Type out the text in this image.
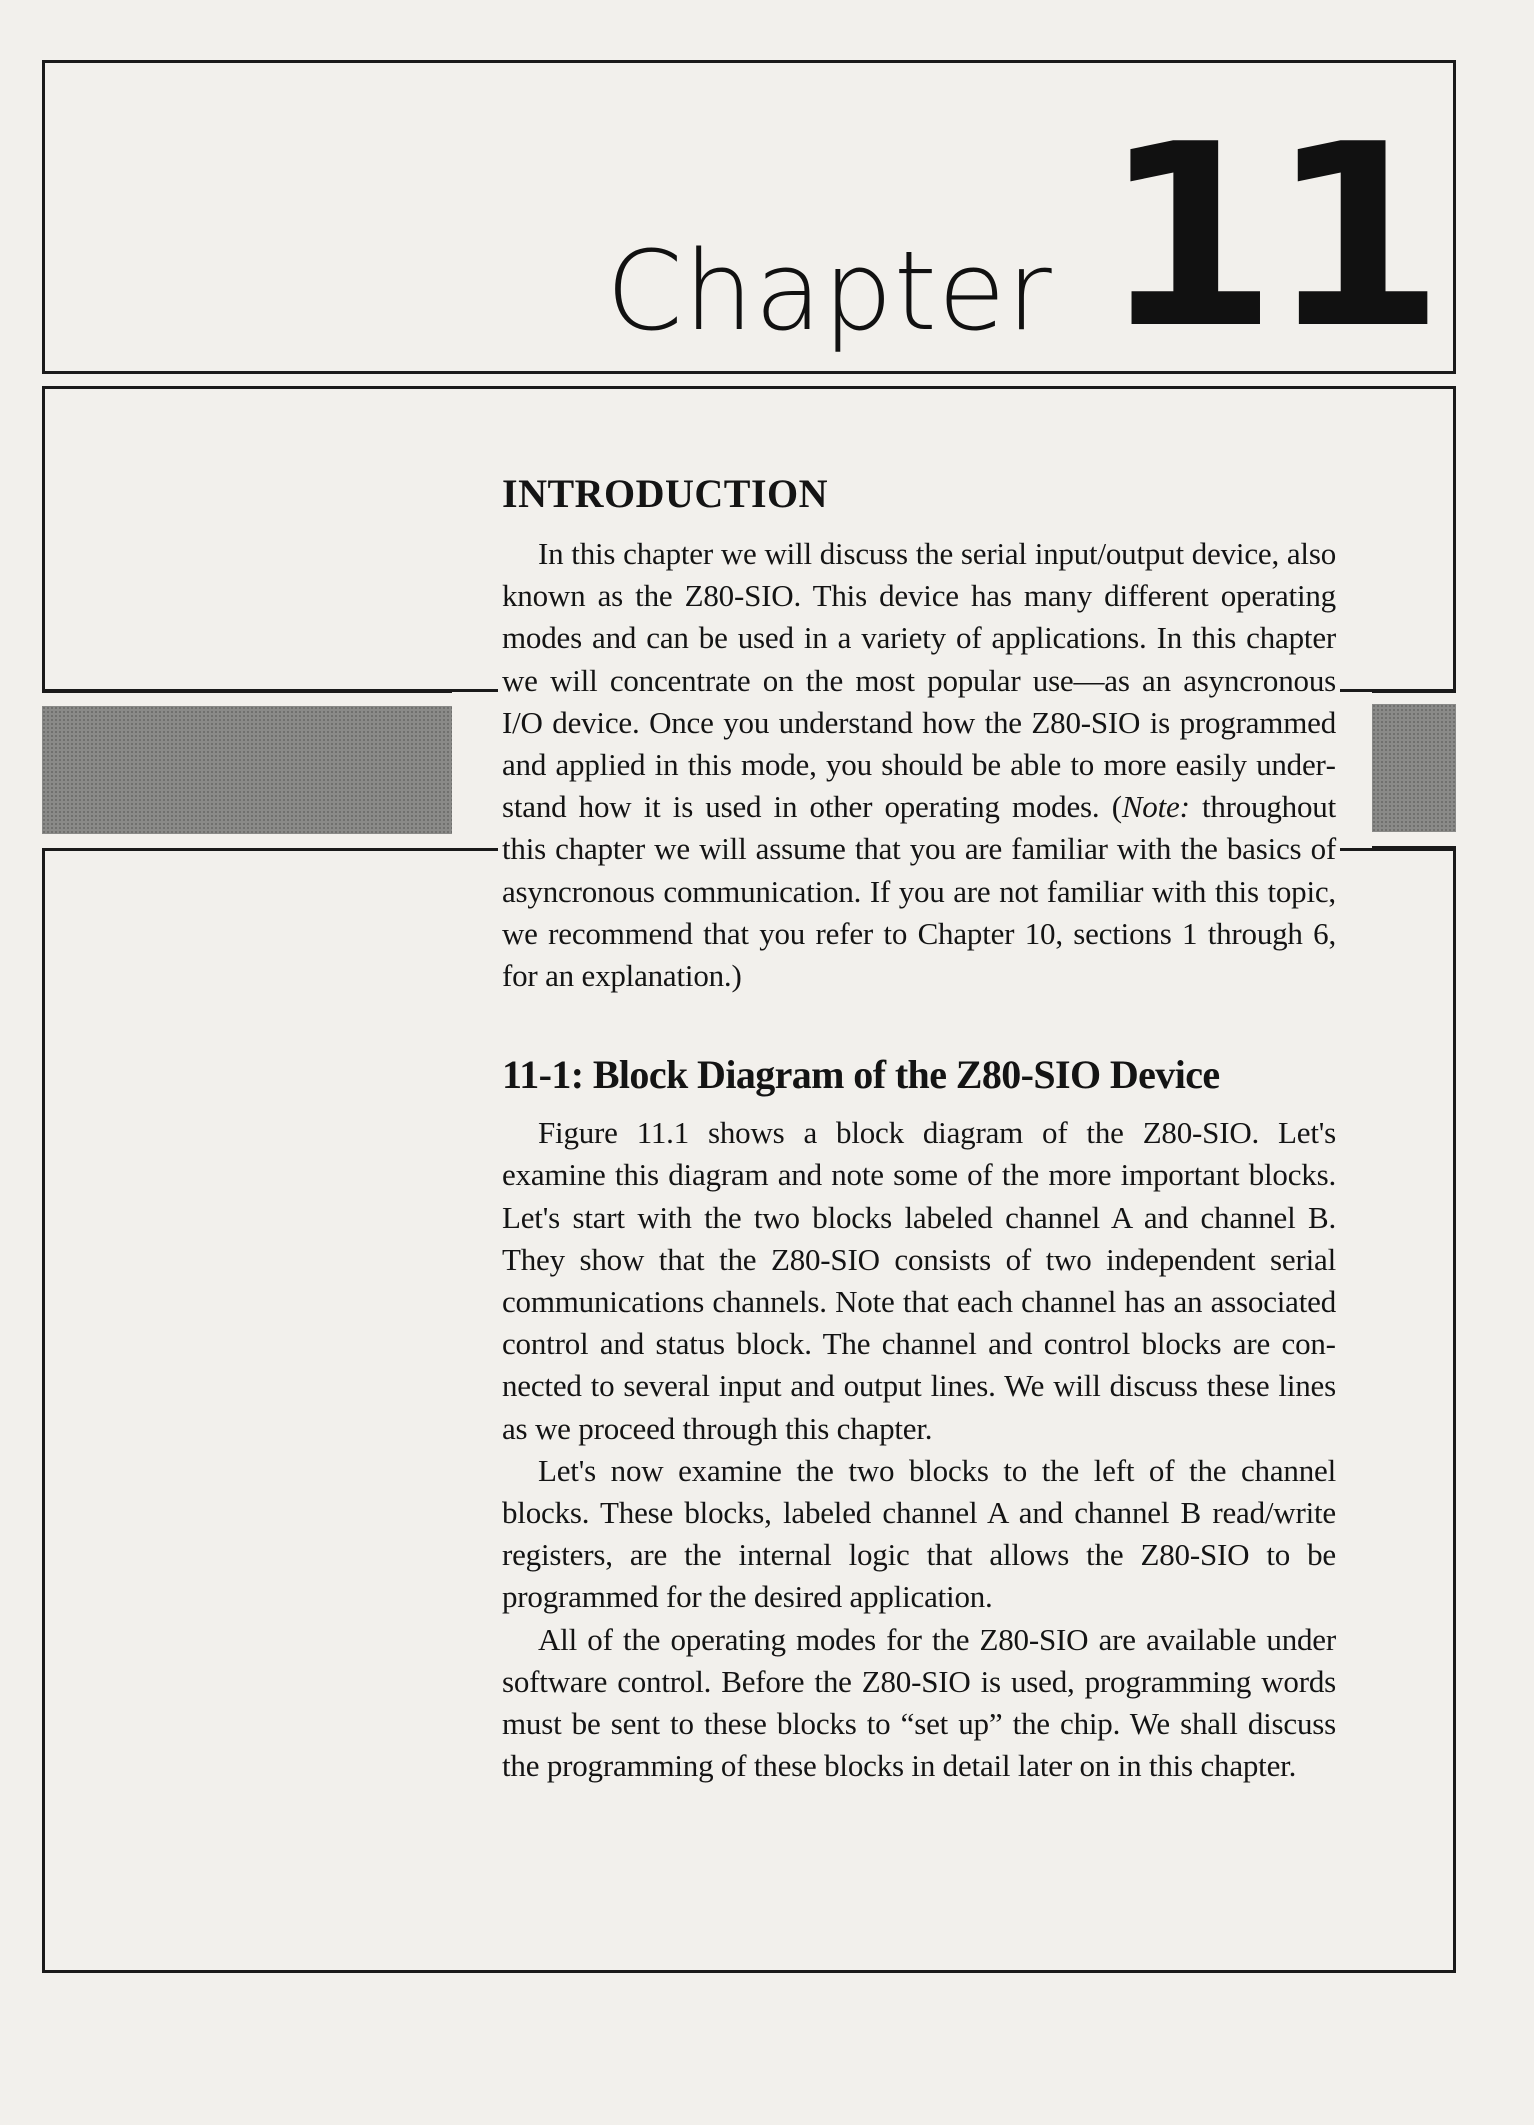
Chapter 11
INTRODUCTION

In this chapter we will discuss the serial input/output device, also known as the Z80-SIO. This device has many different operating modes and can be used in a variety of applications. In this chapter we will concentrate on the most popular use—as an asyncronous I/O device. Once you understand how the Z80-SIO is programmed and applied in this mode, you should be able to more easily understand how it is used in other operating modes. (Note: throughout this chapter we will assume that you are familiar with the basics of asyncronous communication. If you are not familiar with this topic, we recommend that you refer to Chapter 10, sections 1 through 6, for an explanation.)

11-1: Block Diagram of the Z80-SIO Device

Figure 11.1 shows a block diagram of the Z80-SIO. Let's examine this diagram and note some of the more important blocks. Let's start with the two blocks labeled channel A and channel B. They show that the Z80-SIO consists of two independent serial communications channels. Note that each channel has an associated control and status block. The channel and control blocks are connected to several input and output lines. We will discuss these lines as we proceed through this chapter.

Let's now examine the two blocks to the left of the channel blocks. These blocks, labeled channel A and channel B read/write registers, are the internal logic that allows the Z80-SIO to be programmed for the desired application.

All of the operating modes for the Z80-SIO are available under software control. Before the Z80-SIO is used, programming words must be sent to these blocks to “set up” the chip. We shall discuss the programming of these blocks in detail later on in this chapter.
